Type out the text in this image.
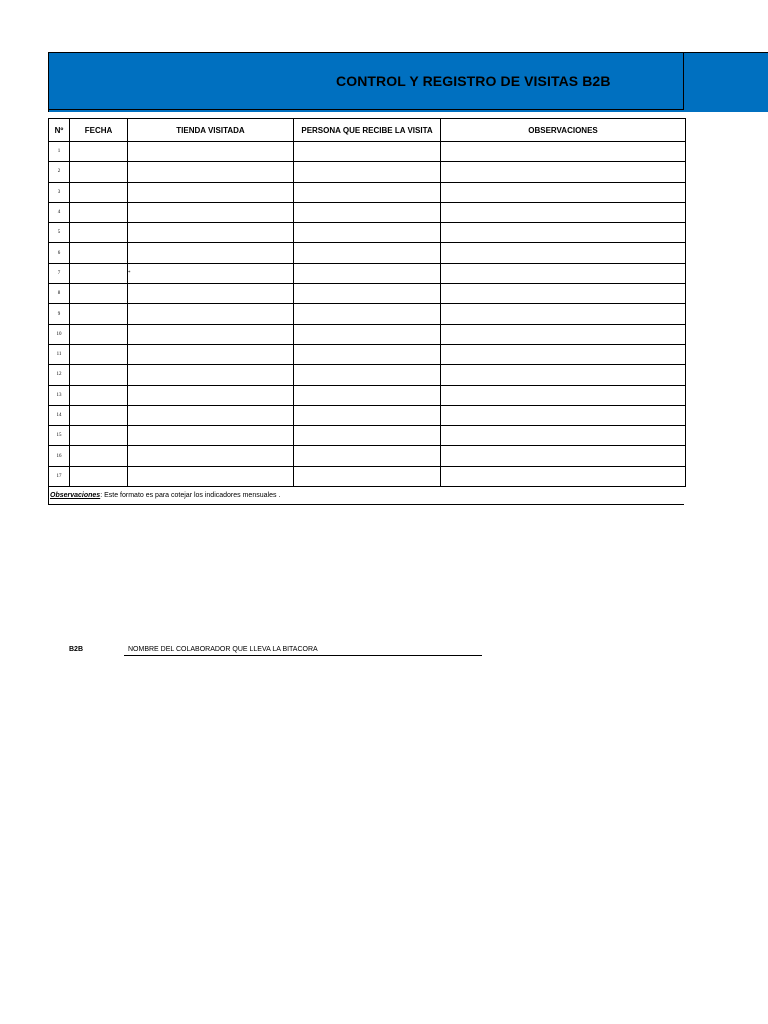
CONTROL Y REGISTRO DE VISITAS B2B
Nº	FECHA	TIENDA VISITADA	PERSONA QUE RECIBE LA VISITA	OBSERVACIONES
1				
2				
3				
4				
5				
6				
7		*		
8				
9				
10				
11				
12				
13				
14				
15				
16				
17				
Observaciones: Este formato es para cotejar los indicadores mensuales .
B2B	NOMBRE DEL COLABORADOR QUE LLEVA LA BITACORA
